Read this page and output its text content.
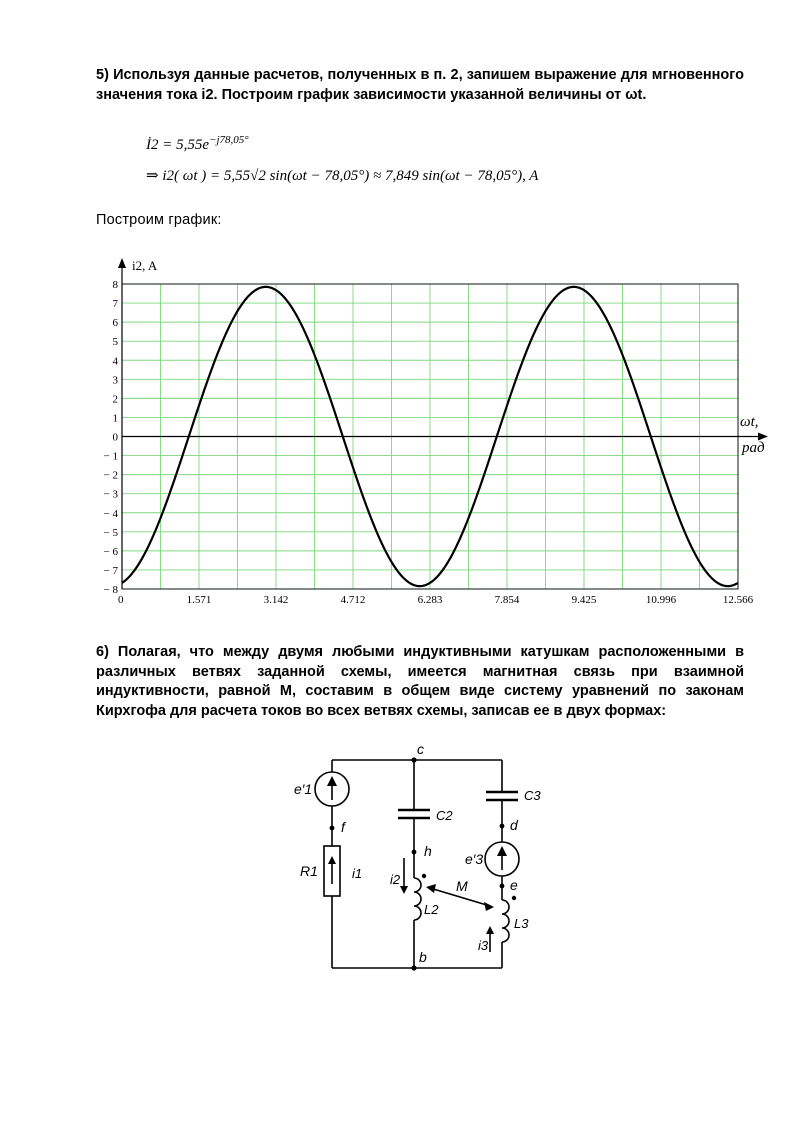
5) Используя данные расчетов, полученных в п. 2, запишем выражение для мгновенного значения тока i2. Построим график зависимости указанной величины от ωt.
İ2 = $5,55e^{-j78,05^\circ}$
⇒ i2( ωt ) = 5,55√2 sin(ωt − 78,05°) ≈ 7,849 sin(ωt − 78,05°), A
Построим график:
8
7
6
5
4
3
2
1
0
− 1
− 2
− 3
− 4
− 5
− 6
− 7
− 8
0	1.571	3.142	4.712	6.283	7.854	9.425	10.996	12.566
i2, A
ωt,
рад
6) Полагая, что между двумя любыми индуктивными катушкам расположенными в различных ветвях заданной схемы, имеется магнитная связь при взаимной индуктивности, равной M, составим в общем виде систему уравнений по законам Кирхгофа для расчета токов во всех ветвях схемы, записав ее в двух формах:
c
b
f
h
d
e
e′1
e′3
R1
C2
C3
L2
L3
i1 i2
i3
M
